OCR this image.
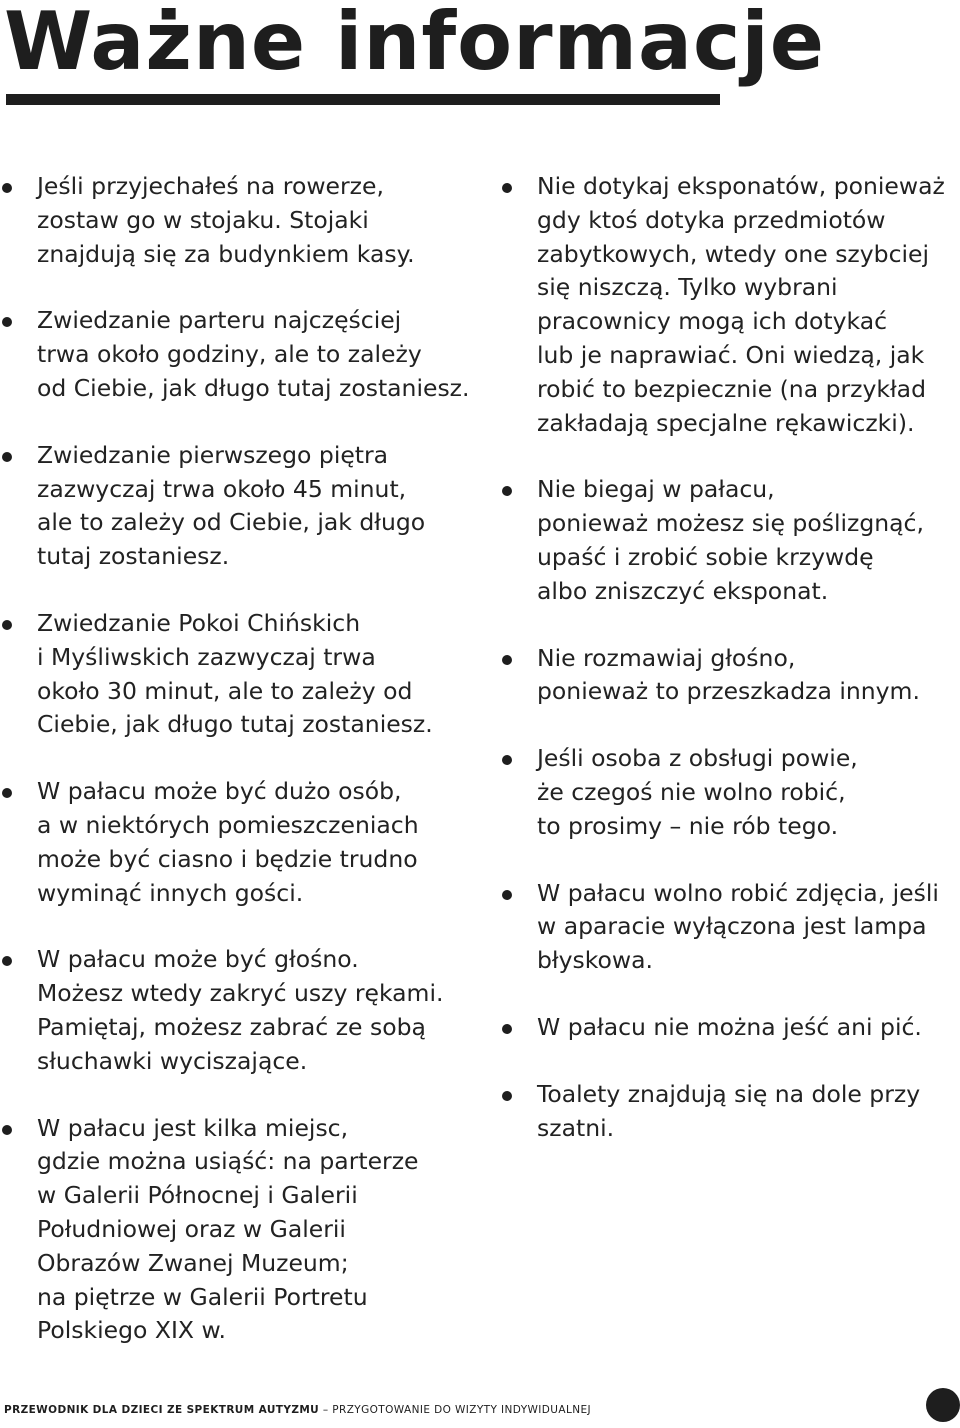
Ważne informacje
Jeśli przyjechałeś na rowerze,
zostaw go w stojaku. Stojaki
znajdują się za budynkiem kasy.
Zwiedzanie parteru najczęściej
trwa około godziny, ale to zależy
od Ciebie, jak długo tutaj zostaniesz.
Zwiedzanie pierwszego piętra
zazwyczaj trwa około 45 minut,
ale to zależy od Ciebie, jak długo
tutaj zostaniesz.
Zwiedzanie Pokoi Chińskich
i Myśliwskich zazwyczaj trwa
około 30 minut, ale to zależy od
Ciebie, jak długo tutaj zostaniesz.
W pałacu może być dużo osób,
a w niektórych pomieszczeniach
może być ciasno i będzie trudno
wyminąć innych gości.
W pałacu może być głośno.
Możesz wtedy zakryć uszy rękami.
Pamiętaj, możesz zabrać ze sobą
słuchawki wyciszające.
W pałacu jest kilka miejsc,
gdzie można usiąść: na parterze
w Galerii Północnej i Galerii
Południowej oraz w Galerii
Obrazów Zwanej Muzeum;
na piętrze w Galerii Portretu
Polskiego XIX w.
Nie dotykaj eksponatów, ponieważ
gdy ktoś dotyka przedmiotów
zabytkowych, wtedy one szybciej
się niszczą. Tylko wybrani
pracownicy mogą ich dotykać
lub je naprawiać. Oni wiedzą, jak
robić to bezpiecznie (na przykład
zakładają specjalne rękawiczki).
Nie biegaj w pałacu,
ponieważ możesz się poślizgnąć,
upaść i zrobić sobie krzywdę
albo zniszczyć eksponat.
Nie rozmawiaj głośno,
ponieważ to przeszkadza innym.
Jeśli osoba z obsługi powie,
że czegoś nie wolno robić,
to prosimy – nie rób tego.
W pałacu wolno robić zdjęcia, jeśli
w aparacie wyłączona jest lampa
błyskowa.
W pałacu nie można jeść ani pić.
Toalety znajdują się na dole przy
szatni.
PRZEWODNIK DLA DZIECI ZE SPEKTRUM AUTYZMU – PRZYGOTOWANIE DO WIZYTY INDYWIDUALNEJ
